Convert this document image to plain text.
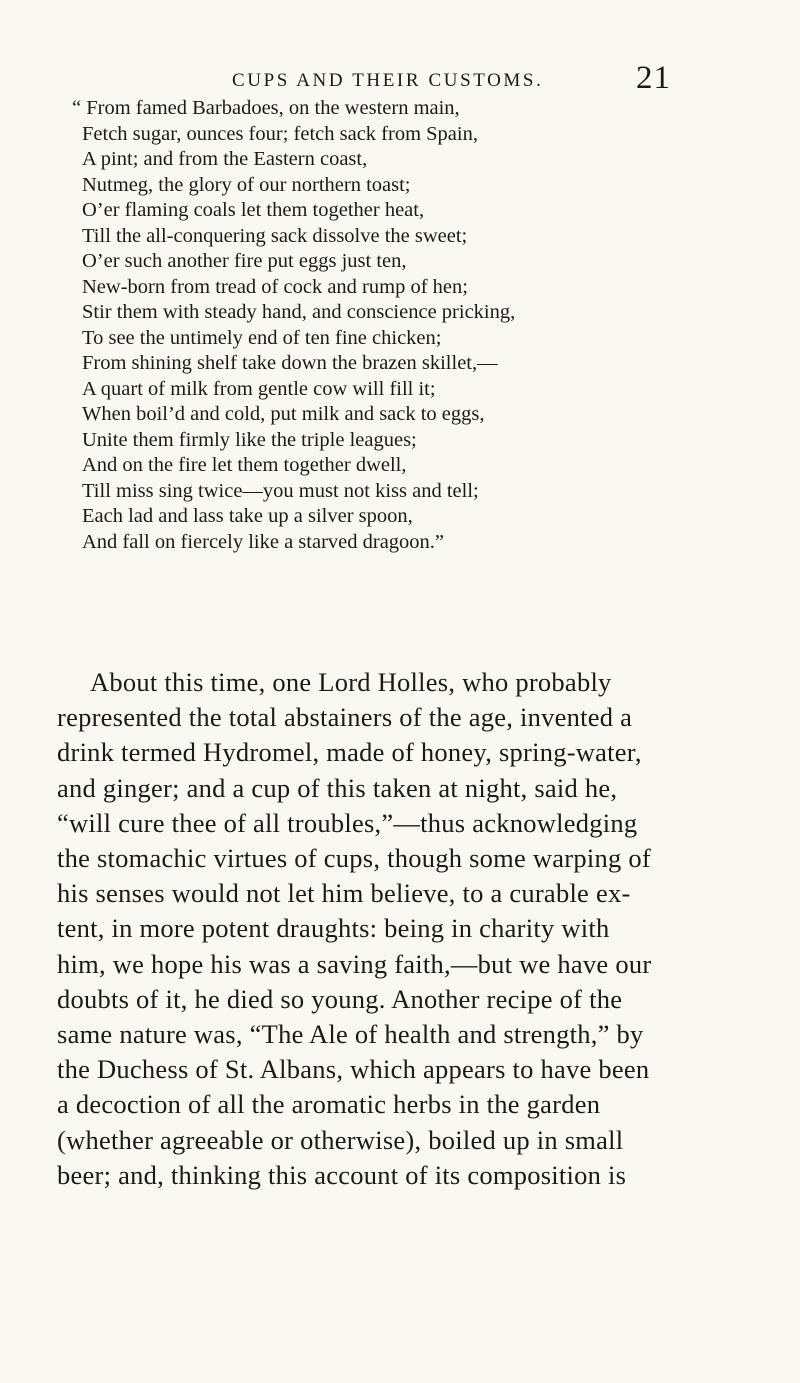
CUPS AND THEIR CUSTOMS.	21
“ From famed Barbadoes, on the western main,
Fetch sugar, ounces four; fetch sack from Spain,
A pint; and from the Eastern coast,
Nutmeg, the glory of our northern toast;
O’er flaming coals let them together heat,
Till the all-conquering sack dissolve the sweet;
O’er such another fire put eggs just ten,
New-born from tread of cock and rump of hen;
Stir them with steady hand, and conscience pricking,
To see the untimely end of ten fine chicken;
From shining shelf take down the brazen skillet,—
A quart of milk from gentle cow will fill it;
When boil’d and cold, put milk and sack to eggs,
Unite them firmly like the triple leagues;
And on the fire let them together dwell,
Till miss sing twice—you must not kiss and tell;
Each lad and lass take up a silver spoon,
And fall on fiercely like a starved dragoon.”
About this time, one Lord Holles, who probably
represented the total abstainers of the age, invented a
drink termed Hydromel, made of honey, spring-water,
and ginger; and a cup of this taken at night, said he,
“will cure thee of all troubles,”—thus acknowledging
the stomachic virtues of cups, though some warping of
his senses would not let him believe, to a curable ex-
tent, in more potent draughts: being in charity with
him, we hope his was a saving faith,—but we have our
doubts of it, he died so young. Another recipe of the
same nature was, “The Ale of health and strength,” by
the Duchess of St. Albans, which appears to have been
a decoction of all the aromatic herbs in the garden
(whether agreeable or otherwise), boiled up in small
beer; and, thinking this account of its composition is
